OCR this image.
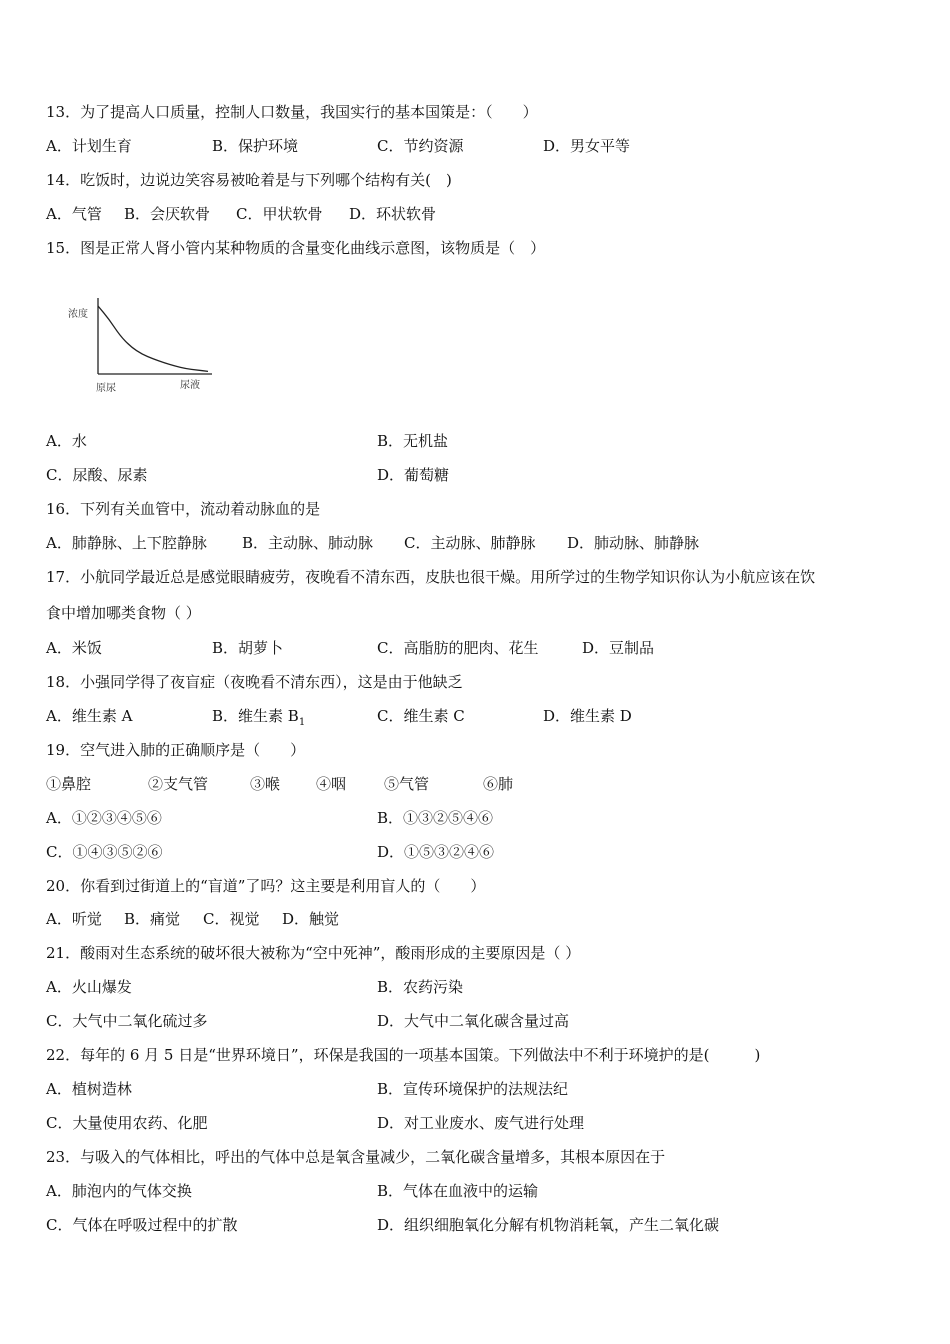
13．为了提高人口质量，控制人口数量，我国实行的基本国策是：（　　）
A．计划生育	B．保护环境	C．节约资源	D．男女平等
14．吃饭时，边说边笑容易被呛着是与下列哪个结构有关(　)
A．气管 B．会厌软骨 C．甲状软骨 D．环状软骨
15．图是正常人肾小管内某种物质的含量变化曲线示意图，该物质是（　）
浓度
原尿	尿液
A．水	B．无机盐
C．尿酸、尿素	D．葡萄糖
16．下列有关血管中，流动着动脉血的是
A．肺静脉、上下腔静脉 B．主动脉、肺动脉 C．主动脉、肺静脉 D．肺动脉、肺静脉
17．小航同学最近总是感觉眼睛疲劳，夜晚看不清东西，皮肤也很干燥。用所学过的生物学知识你认为小航应该在饮
食中增加哪类食物（ ）
A．米饭	B．胡萝卜	C．高脂肪的肥肉、花生	D．豆制品
18．小强同学得了夜盲症（夜晚看不清东西），这是由于他缺乏
A．维生素 A	B．维生素 $B_1$	C．维生素 C	D．维生素 D
19．空气进入肺的正确顺序是（　　）
①鼻腔	②支气管	③喉 ④咽	⑤气管	⑥肺
A．①②③④⑤⑥	B．①③②⑤④⑥
C．①④③⑤②⑥	D．①⑤③②④⑥
20．你看到过街道上的“盲道”了吗？这主要是利用盲人的（　　）
A．听觉 B．痛觉 C．视觉 D．触觉
21．酸雨对生态系统的破坏很大被称为“空中死神”，酸雨形成的主要原因是（ ）
A．火山爆发	B．农药污染
C．大气中二氧化硫过多	D．大气中二氧化碳含量过高
22．每年的 6 月 5 日是“世界环境日”，环保是我国的一项基本国策。下列做法中不利于环境护的是(　　　)
A．植树造林	B．宣传环境保护的法规法纪
C．大量使用农药、化肥	D．对工业废水、废气进行处理
23．与吸入的气体相比，呼出的气体中总是氧含量减少，二氧化碳含量增多，其根本原因在于
A．肺泡内的气体交换	B．气体在血液中的运输
C．气体在呼吸过程中的扩散	D．组织细胞氧化分解有机物消耗氧，产生二氧化碳
